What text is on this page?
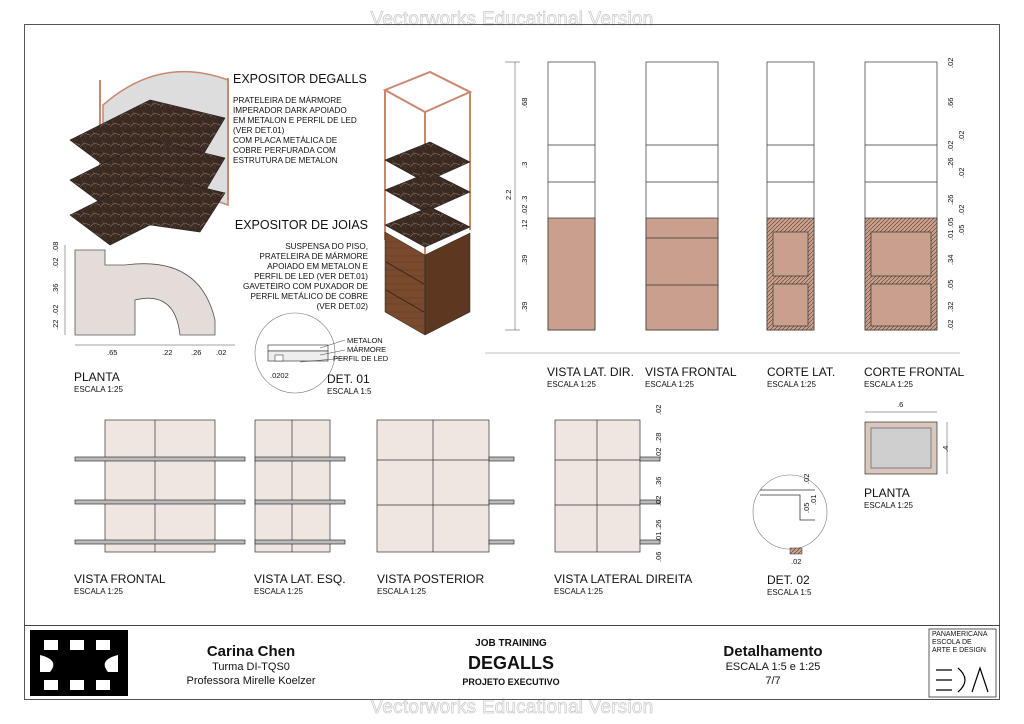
Vectorworks Educational Version
Vectorworks Educational Version

EXPOSITOR DEGALLS

PRATELEIRA DE MÁRMORE
IMPERADOR DARK APOIADO
EM METALON E PERFIL DE LED
(VER DET.01)
COM PLACA METÁLICA DE
COBRE PERFURADA COM
ESTRUTURA DE METALON

EXPOSITOR DE JOIAS

SUSPENSA DO PISO,
PRATELEIRA DE MÁRMORE
APOIADO EM METALON E
PERFIL DE LED (VER DET.01)
GAVETEIRO COM PUXADOR DE
PERFIL METÁLICO DE COBRE
(VER DET.02)

METALON
MÁRMORE
PERFIL DE LED
.0202
.65	.22 .26 .02
.08
.02
.36
.02
.22
.68
.3
.3
.02
.12
.39
.39
2.2
.02
.66
.02
.02
.26
.02
.26
.02
.05
.05
.01
.34
.05
.32
.02
.02
.28
.02
.36
.02
.26
.01
.06
.02
.05
.01
.02
.6
.4
PLANTA
ESCALA 1:25
DET. 01
ESCALA 1:5
VISTA LAT. DIR.
ESCALA 1:25
VISTA FRONTAL
ESCALA 1:25
CORTE LAT.
ESCALA 1:25
CORTE FRONTAL
ESCALA 1:25
VISTA FRONTAL
ESCALA 1:25
VISTA LAT. ESQ.
ESCALA 1:25
VISTA POSTERIOR
ESCALA 1:25
VISTA LATERAL DIREITA
ESCALA 1:25
DET. 02
ESCALA 1:5
PLANTA
ESCALA 1:25
Carina Chen
Turma DI-TQS0
Professora Mirelle Koelzer
JOB TRAINING
DEGALLS
PROJETO EXECUTIVO
Detalhamento
ESCALA 1:5 e 1:25
7/7
PANAMERICANA
ESCOLA DE
ARTE E DESIGN
